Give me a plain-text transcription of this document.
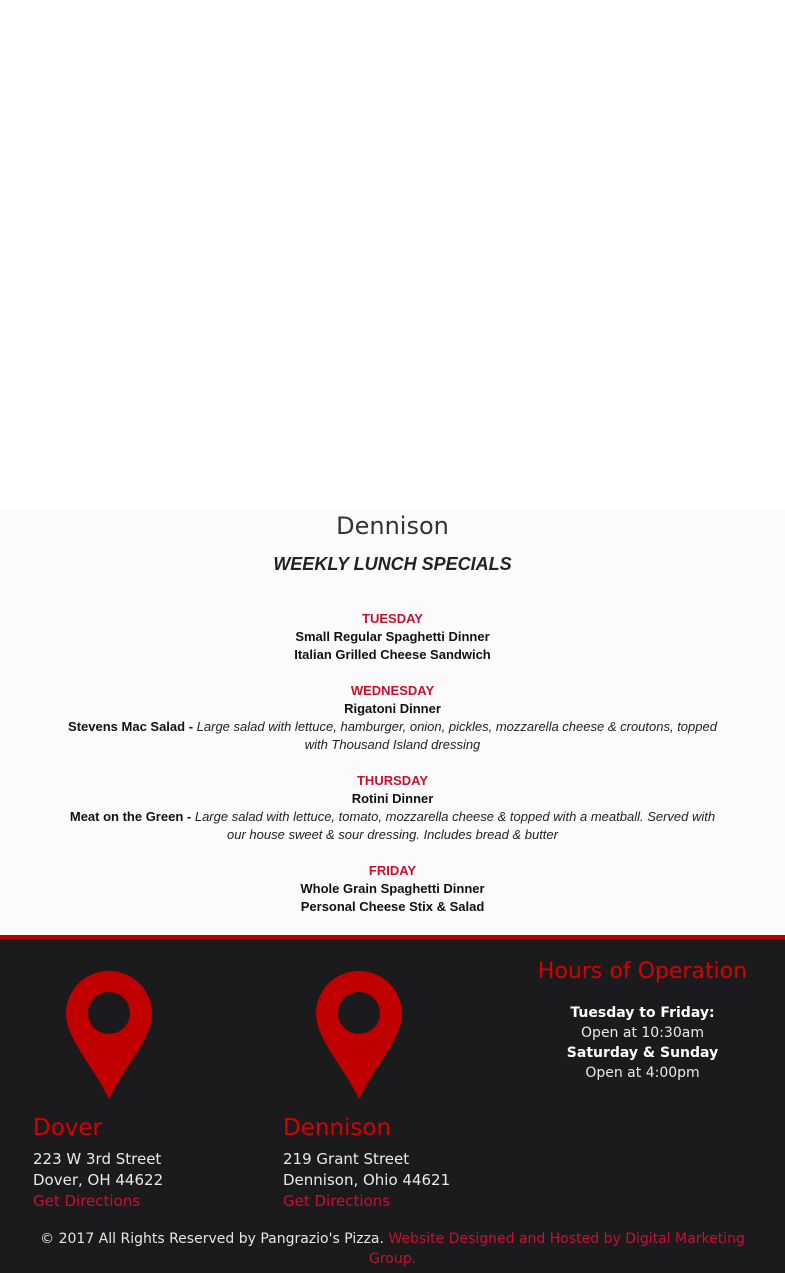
Dennison
WEEKLY LUNCH SPECIALS
TUESDAY
Small Regular Spaghetti Dinner
Italian Grilled Cheese Sandwich
WEDNESDAY
Rigatoni Dinner
Stevens Mac Salad - Large salad with lettuce, hamburger, onion, pickles, mozzarella cheese & croutons, topped with Thousand Island dressing
THURSDAY
Rotini Dinner
Meat on the Green - Large salad with lettuce, tomato, mozzarella cheese & topped with a meatball. Served with our house sweet & sour dressing. Includes bread & butter
FRIDAY
Whole Grain Spaghetti Dinner
Personal Cheese Stix & Salad
Dover
223 W 3rd Street
Dover, OH 44622
Get Directions
Dennison
219 Grant Street
Dennison, Ohio 44621
Get Directions
Hours of Operation
Tuesday to Friday:
Open at 10:30am
Saturday & Sunday
Open at 4:00pm
© 2017 All Rights Reserved by Pangrazio's Pizza. Website Designed and Hosted by Digital Marketing Group.
